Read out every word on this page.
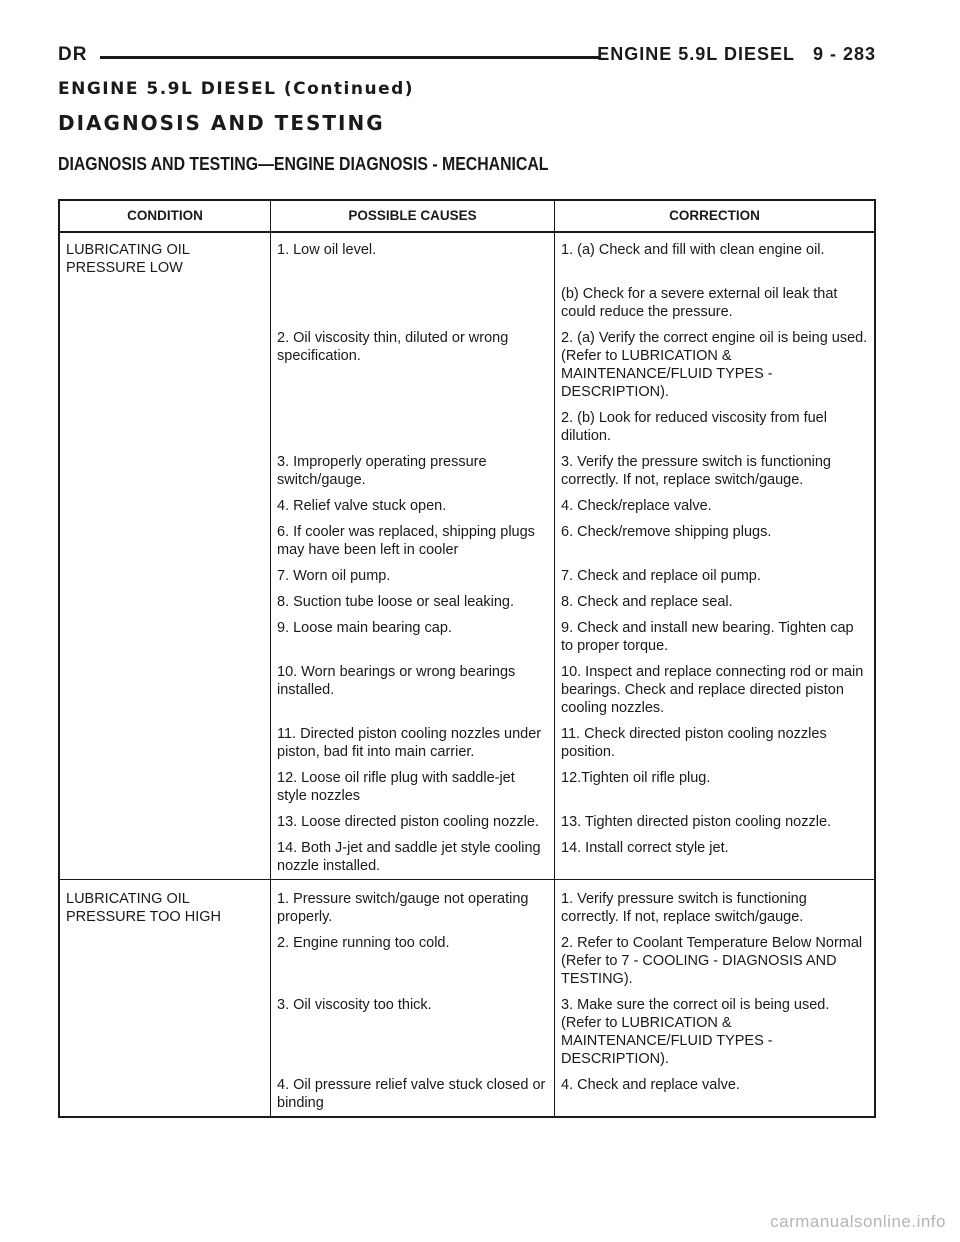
DR	ENGINE 5.9L DIESEL 9 - 283
ENGINE 5.9L DIESEL (Continued)
DIAGNOSIS AND TESTING
DIAGNOSIS AND TESTING—ENGINE DIAGNOSIS - MECHANICAL
CONDITION	POSSIBLE CAUSES	CORRECTION
LUBRICATING OIL PRESSURE LOW	1. Low oil level.	1. (a) Check and fill with clean engine oil.
		(b) Check for a severe external oil leak that could reduce the pressure.
	2. Oil viscosity thin, diluted or wrong specification.	2. (a) Verify the correct engine oil is being used. (Refer to LUBRICATION & MAINTENANCE/FLUID TYPES - DESCRIPTION).
		2. (b) Look for reduced viscosity from fuel dilution.
	3. Improperly operating pressure switch/gauge.	3. Verify the pressure switch is functioning correctly. If not, replace switch/gauge.
	4. Relief valve stuck open.	4. Check/replace valve.
	6. If cooler was replaced, shipping plugs may have been left in cooler	6. Check/remove shipping plugs.
	7. Worn oil pump.	7. Check and replace oil pump.
	8. Suction tube loose or seal leaking.	8. Check and replace seal.
	9. Loose main bearing cap.	9. Check and install new bearing. Tighten cap to proper torque.
	10. Worn bearings or wrong bearings installed.	10. Inspect and replace connecting rod or main bearings. Check and replace directed piston cooling nozzles.
	11. Directed piston cooling nozzles under piston, bad fit into main carrier.	11. Check directed piston cooling nozzles position.
	12. Loose oil rifle plug with saddle-jet style nozzles	12.Tighten oil rifle plug.
	13. Loose directed piston cooling nozzle.	13. Tighten directed piston cooling nozzle.
	14. Both J-jet and saddle jet style cooling nozzle installed.	14. Install correct style jet.
LUBRICATING OIL PRESSURE TOO HIGH	1. Pressure switch/gauge not operating properly.	1. Verify pressure switch is functioning correctly. If not, replace switch/gauge.
	2. Engine running too cold.	2. Refer to Coolant Temperature Below Normal (Refer to 7 - COOLING - DIAGNOSIS AND TESTING).
	3. Oil viscosity too thick.	3. Make sure the correct oil is being used. (Refer to LUBRICATION & MAINTENANCE/FLUID TYPES - DESCRIPTION).
	4. Oil pressure relief valve stuck closed or binding	4. Check and replace valve.
carmanualsonline.info
